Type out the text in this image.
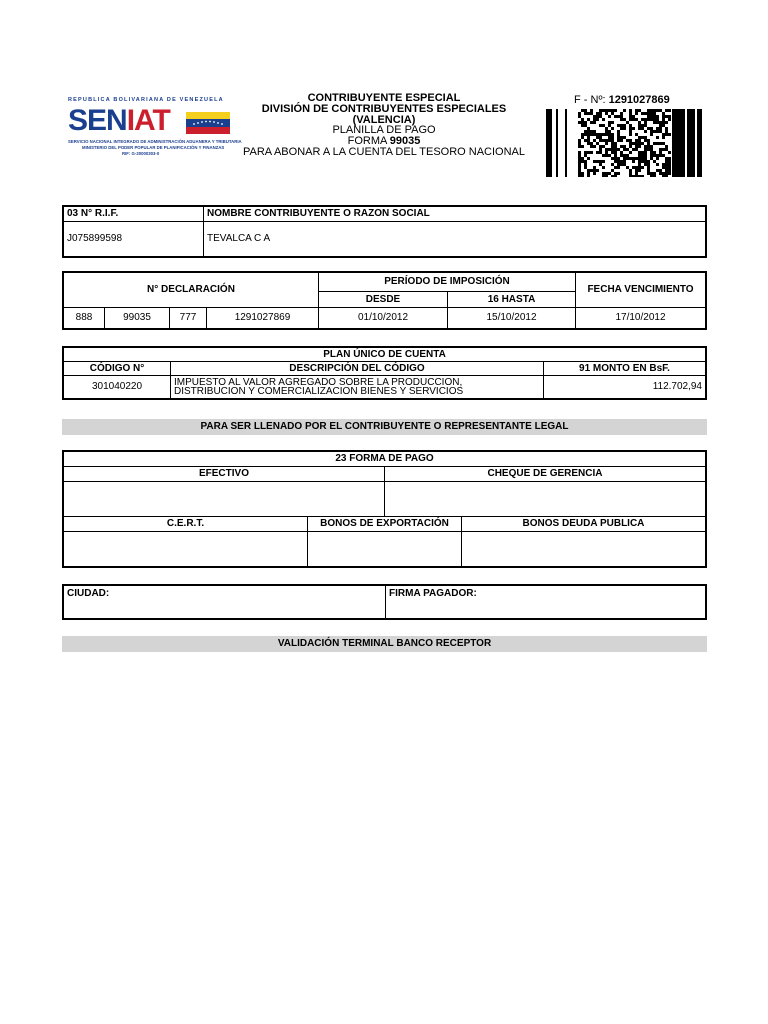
REPUBLICA BOLIVARIANA DE VENEZUELA
SENIAT
SERVICIO NACIONAL INTEGRADO DE ADMINISTRACIÓN ADUANERA Y TRIBUTARIA
MINISTERIO DEL PODER POPULAR DE PLANIFICACIÓN Y FINANZAS
RIF: G-20000303-0
CONTRIBUYENTE ESPECIAL
DIVISIÓN DE CONTRIBUYENTES ESPECIALES
(VALENCIA)
PLANILLA DE PAGO
FORMA 99035
PARA ABONAR A LA CUENTA DEL TESORO NACIONAL
F - Nº: 1291027869
03 N° R.I.F.	NOMBRE CONTRIBUYENTE O RAZON SOCIAL
J075899598	TEVALCA C A
N° DECLARACIÓN				PERÍODO DE IMPOSICIÓN		FECHA VENCIMIENTO
				DESDE	16 HASTA	
888	99035	777	1291027869	01/10/2012	15/10/2012	17/10/2012
PLAN ÚNICO DE CUENTA		
CÓDIGO N°	DESCRIPCIÓN DEL CÓDIGO	91 MONTO EN BsF.
301040220	IMPUESTO AL VALOR AGREGADO SOBRE LA PRODUCCION,
DISTRIBUCION Y COMERCIALIZACION BIENES Y SERVICIOS	112.702,94
PARA SER LLENADO POR EL CONTRIBUYENTE O REPRESENTANTE LEGAL
23 FORMA DE PAGO			
EFECTIVO		CHEQUE DE GERENCIA	

C.E.R.T.	BONOS DE EXPORTACIÓN		BONOS DEUDA PUBLICA

CIUDAD:	FIRMA PAGADOR:
VALIDACIÓN TERMINAL BANCO RECEPTOR
